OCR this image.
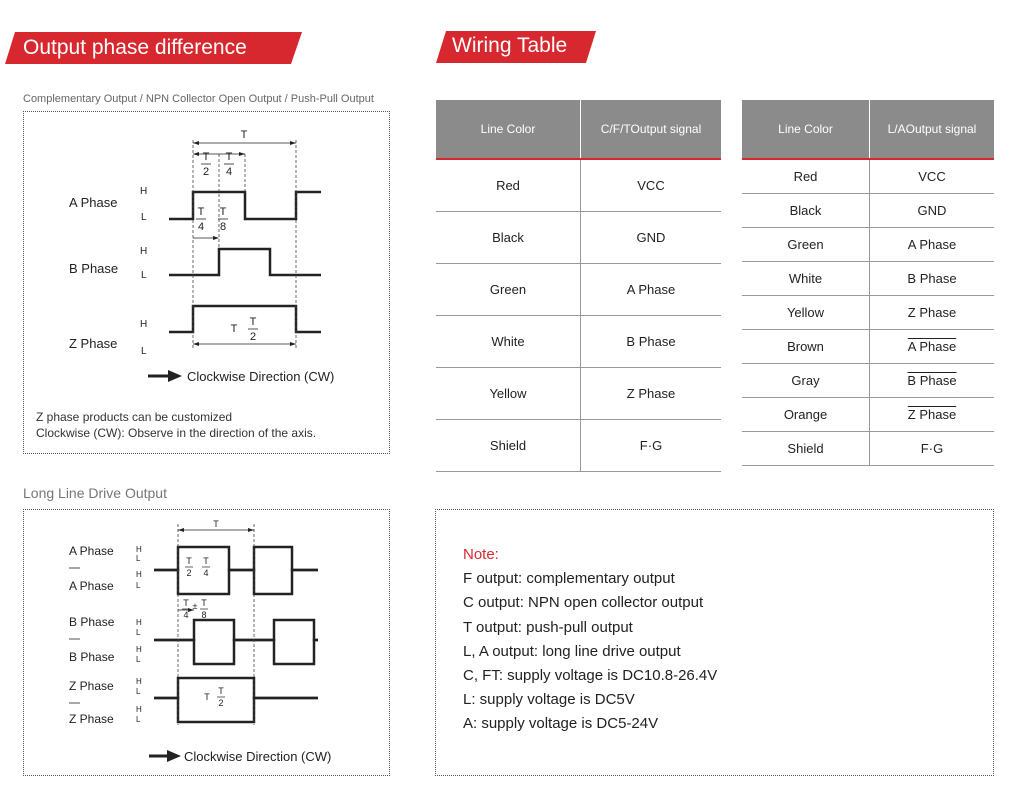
Output phase difference	Wiring Table
Complementary Output / NPN Collector Open Output / Push-Pull Output
A Phase
B Phase
Z Phase
H
L
H
L
H
L
T
T
2
T
4
T
4
T
8
T
T
2
Clockwise Direction (CW)
Z phase products can be customized
Clockwise (CW): Observe in the direction of the axis.
Long Line Drive Output
A Phase
A Phase
B Phase
B Phase
Z Phase
Z Phase
H
L
H
L
H
L
H
L
H
L
H
L
T
T
2
T
4
T
4
± T
8
T
T
2
Clockwise Direction (CW)
Line Color	C/F/TOutput signal
Red	VCC
Black	GND
Green	A Phase
White	B Phase
Yellow	Z Phase
Shield	F·G
Line Color	L/AOutput signal
Red	VCC
Black	GND
Green	A Phase
White	B Phase
Yellow	Z Phase
Brown	A Phase
Gray	B Phase
Orange	Z Phase
Shield	F·G
Note:
F output: complementary output
C output: NPN open collector output
T output: push-pull output
L, A output: long line drive output
C, FT: supply voltage is DC10.8-26.4V
L: supply voltage is DC5V
A: supply voltage is DC5-24V
